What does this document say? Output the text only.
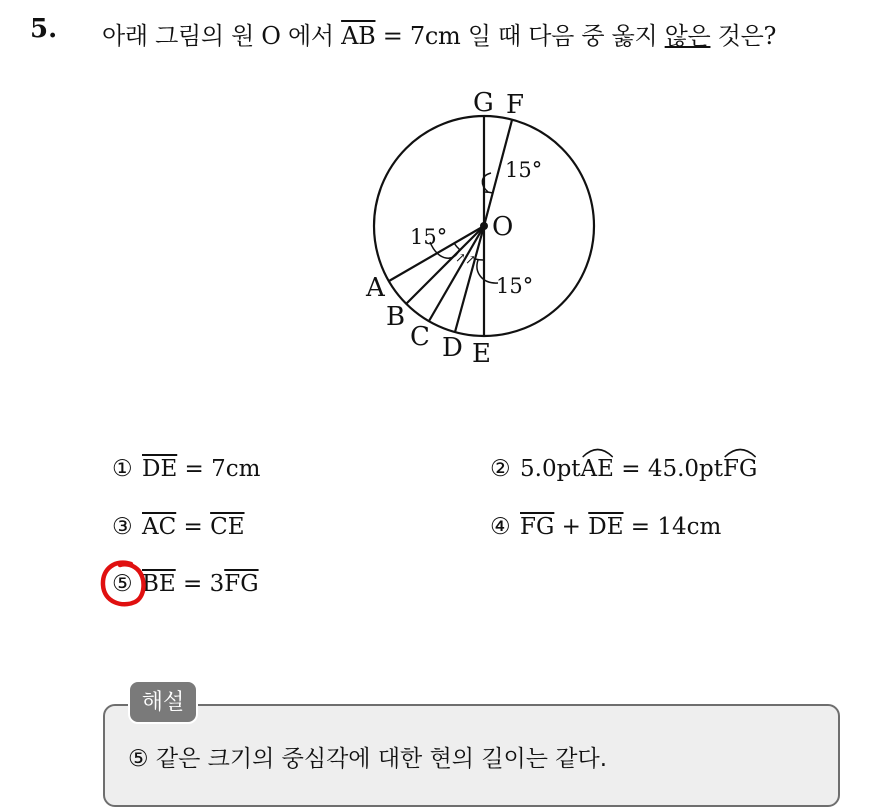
5. 아래 그림의 원 O 에서 $\overline{AB} = 7cm$ 일 때 다음 중 옳지 않은 것은?
↗ ↗
O
G F
A
B
C D E
15°
15°
15°
① $\overline{DE} = 7cm$	② 5.0pt
AE = 45.0pt
FG
③ $\overline{AC} = \overline{CE}$	④ $\overline{FG} + \overline{DE} = 14cm$
⑤ $\overline{BE} = 3\overline{FG}$
해설
⑤ 같은 크기의 중심각에 대한 현의 길이는 같다.
